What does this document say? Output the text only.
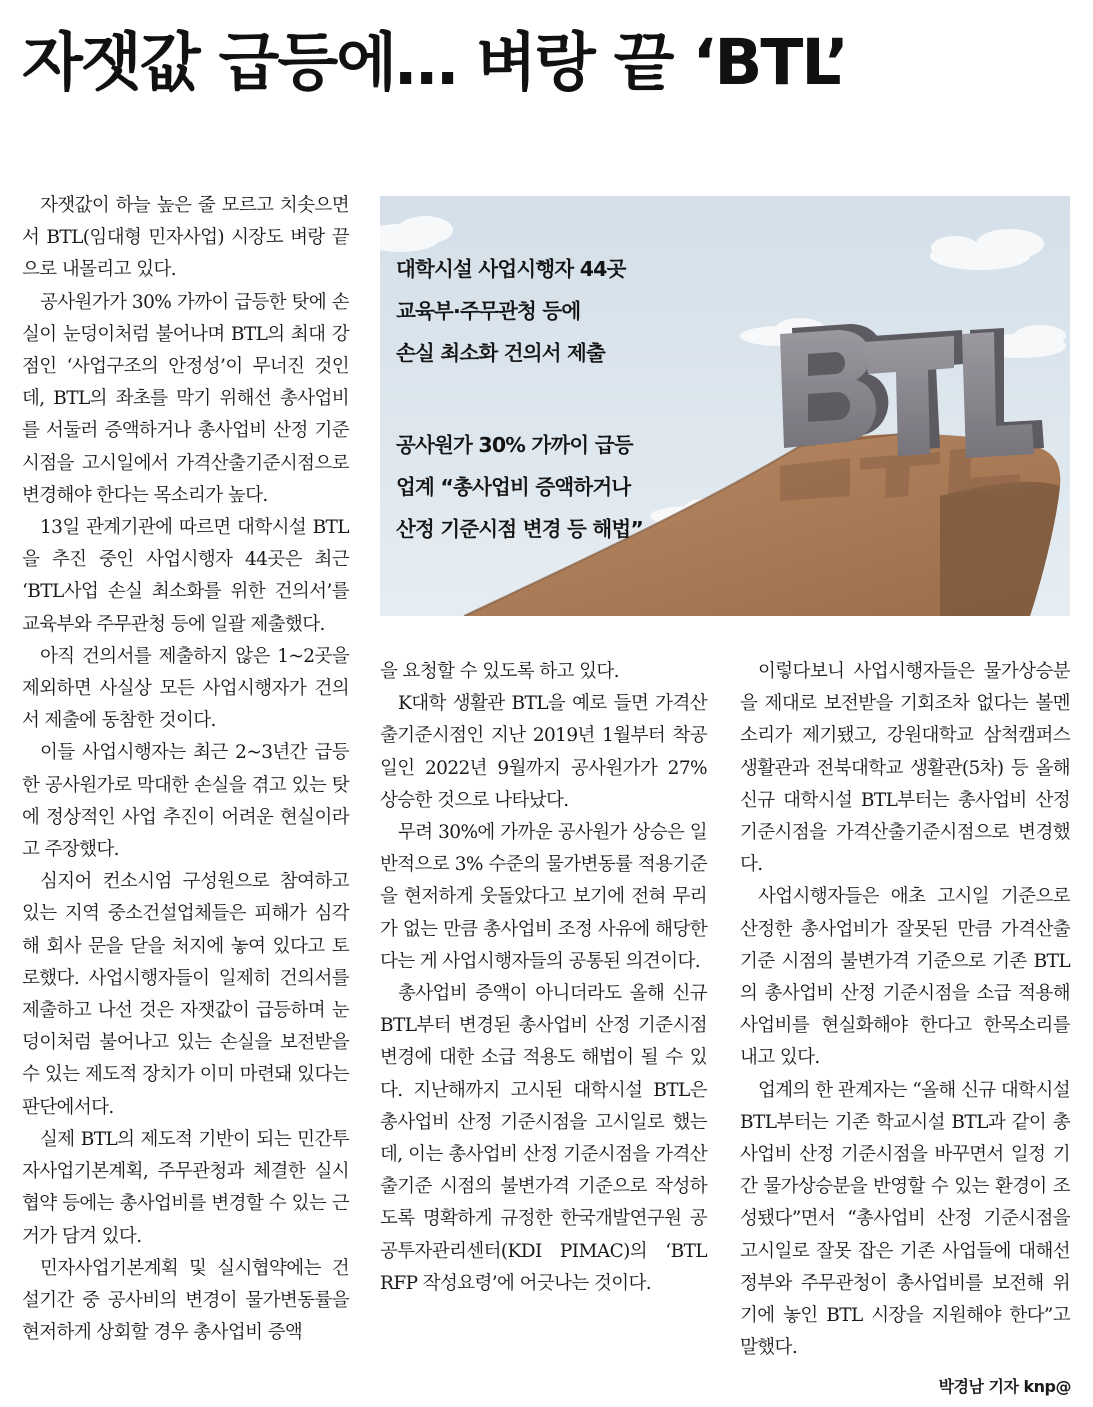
자잿값 급등에… 벼랑 끝 ‘BTL’
대학시설 사업시행자 44곳
교육부·주무관청 등에
손실 최소화 건의서 제출
공사원가 30% 가까이 급등
업계 “총사업비 증액하거나
산정 기준시점 변경 등 해법”

자잿값이 하늘 높은 줄 모르고 치솟으면서 BTL(임대형 민자사업) 시장도 벼랑 끝으로 내몰리고 있다.

공사원가가 30% 가까이 급등한 탓에 손실이 눈덩이처럼 불어나며 BTL의 최대 강점인 ‘사업구조의 안정성’이 무너진 것인데, BTL의 좌초를 막기 위해선 총사업비를 서둘러 증액하거나 총사업비 산정 기준시점을 고시일에서 가격산출기준시점으로 변경해야 한다는 목소리가 높다.

13일 관계기관에 따르면 대학시설 BTL을 추진 중인 사업시행자 44곳은 최근 ‘BTL사업 손실 최소화를 위한 건의서’를 교육부와 주무관청 등에 일괄 제출했다.

아직 건의서를 제출하지 않은 1~2곳을 제외하면 사실상 모든 사업시행자가 건의서 제출에 동참한 것이다.

이들 사업시행자는 최근 2~3년간 급등한 공사원가로 막대한 손실을 겪고 있는 탓에 정상적인 사업 추진이 어려운 현실이라고 주장했다.

심지어 컨소시엄 구성원으로 참여하고 있는 지역 중소건설업체들은 피해가 심각해 회사 문을 닫을 처지에 놓여 있다고 토로했다. 사업시행자들이 일제히 건의서를 제출하고 나선 것은 자잿값이 급등하며 눈덩이처럼 불어나고 있는 손실을 보전받을 수 있는 제도적 장치가 이미 마련돼 있다는 판단에서다.

실제 BTL의 제도적 기반이 되는 민간투자사업기본계획, 주무관청과 체결한 실시협약 등에는 총사업비를 변경할 수 있는 근거가 담겨 있다.

민자사업기본계획 및 실시협약에는 건설기간 중 공사비의 변경이 물가변동률을 현저하게 상회할 경우 총사업비 증액

을 요청할 수 있도록 하고 있다.

K대학 생활관 BTL을 예로 들면 가격산출기준시점인 지난 2019년 1월부터 착공일인 2022년 9월까지 공사원가가 27% 상승한 것으로 나타났다.

무려 30%에 가까운 공사원가 상승은 일반적으로 3% 수준의 물가변동률 적용기준을 현저하게 웃돌았다고 보기에 전혀 무리가 없는 만큼 총사업비 조정 사유에 해당한다는 게 사업시행자들의 공통된 의견이다.

총사업비 증액이 아니더라도 올해 신규 BTL부터 변경된 총사업비 산정 기준시점 변경에 대한 소급 적용도 해법이 될 수 있다. 지난해까지 고시된 대학시설 BTL은 총사업비 산정 기준시점을 고시일로 했는데, 이는 총사업비 산정 기준시점을 가격산출기준 시점의 불변가격 기준으로 작성하도록 명확하게 규정한 한국개발연구원 공공투자관리센터(KDI PIMAC)의 ‘BTL RFP 작성요령’에 어긋나는 것이다.

이렇다보니 사업시행자들은 물가상승분을 제대로 보전받을 기회조차 없다는 볼멘소리가 제기됐고, 강원대학교 삼척캠퍼스 생활관과 전북대학교 생활관(5차) 등 올해 신규 대학시설 BTL부터는 총사업비 산정 기준시점을 가격산출기준시점으로 변경했다.

사업시행자들은 애초 고시일 기준으로 산정한 총사업비가 잘못된 만큼 가격산출기준 시점의 불변가격 기준으로 기존 BTL의 총사업비 산정 기준시점을 소급 적용해 사업비를 현실화해야 한다고 한목소리를 내고 있다.

업계의 한 관계자는 “올해 신규 대학시설 BTL부터는 기존 학교시설 BTL과 같이 총사업비 산정 기준시점을 바꾸면서 일정 기간 물가상승분을 반영할 수 있는 환경이 조성됐다”면서 “총사업비 산정 기준시점을 고시일로 잘못 잡은 기존 사업들에 대해선 정부와 주무관청이 총사업비를 보전해 위기에 놓인 BTL 시장을 지원해야 한다”고 말했다.

박경남 기자 knp@
